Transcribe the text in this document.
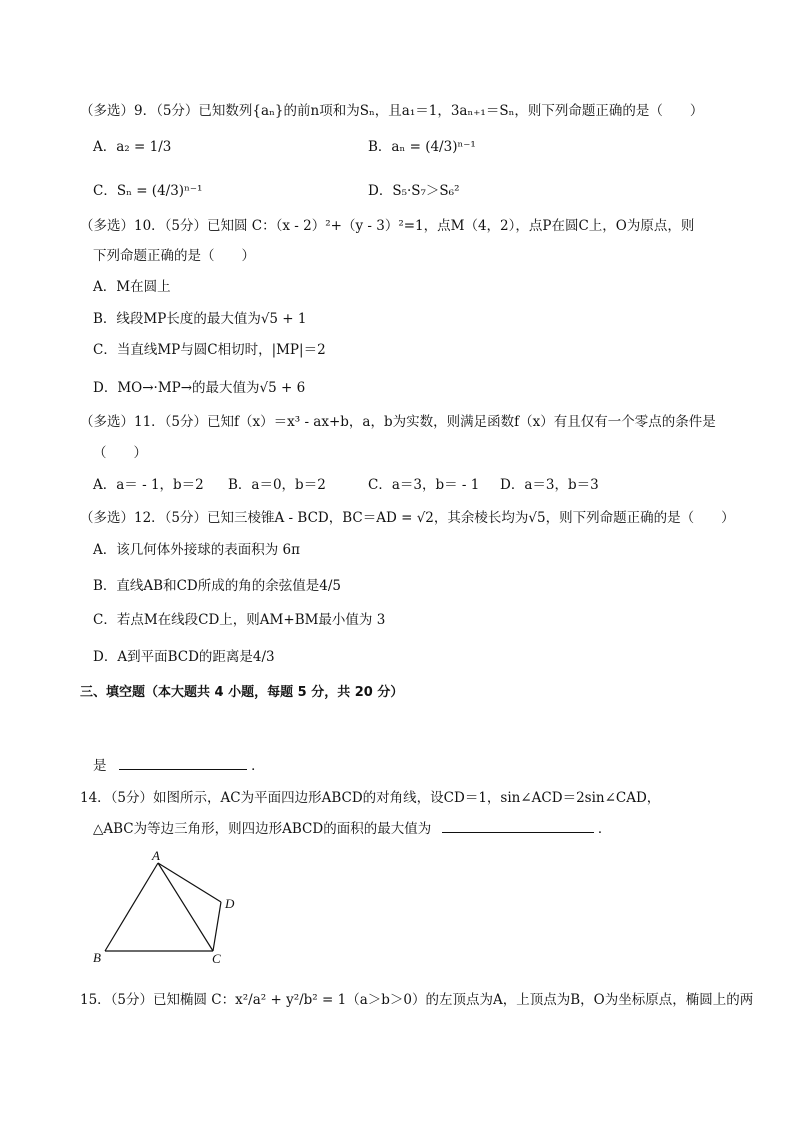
（多选）9．（5分）已知数列{aₙ}的前n项和为Sₙ，且a₁＝1，3aₙ₊₁＝Sₙ，则下列命题正确的是（　　）
A．a₂ = 1/3	B．aₙ = (4/3)ⁿ⁻¹
C．Sₙ = (4/3)ⁿ⁻¹	D．S₅·S₇＞S₆²
（多选）10．（5分）已知圆 C：（x - 2）²+（y - 3）²=1，点M（4，2），点P在圆C上，O为原点，则
下列命题正确的是（　　）
A．M在圆上
B．线段MP长度的最大值为√5 + 1
C．当直线MP与圆C相切时，|MP|＝2
D．MO→·MP→的最大值为√5 + 6
（多选）11．（5分）已知f（x）＝x³ - ax+b，a，b为实数，则满足函数f（x）有且仅有一个零点的条件是
（　　）
A．a＝ - 1，b＝2 B．a＝0，b＝2	C．a＝3，b＝ - 1 D．a＝3，b＝3
（多选）12．（5分）已知三棱锥A - BCD，BC＝AD = √2，其余棱长均为√5，则下列命题正确的是（　　）
A．该几何体外接球的表面积为 6π
B．直线AB和CD所成的角的余弦值是4/5
C．若点M在线段CD上，则AM+BM最小值为 3
D．A到平面BCD的距离是4/3
三、填空题（本大题共 4 小题，每题 5 分，共 20 分）
是	．
14．（5分）如图所示，AC为平面四边形ABCD的对角线，设CD＝1，sin∠ACD＝2sin∠CAD，
△ABC为等边三角形，则四边形ABCD的面积的最大值为	．
A
B	C
D
15．（5分）已知椭圆 C：x²/a² + y²/b² = 1（a＞b＞0）的左顶点为A，上顶点为B，O为坐标原点，椭圆上的两
